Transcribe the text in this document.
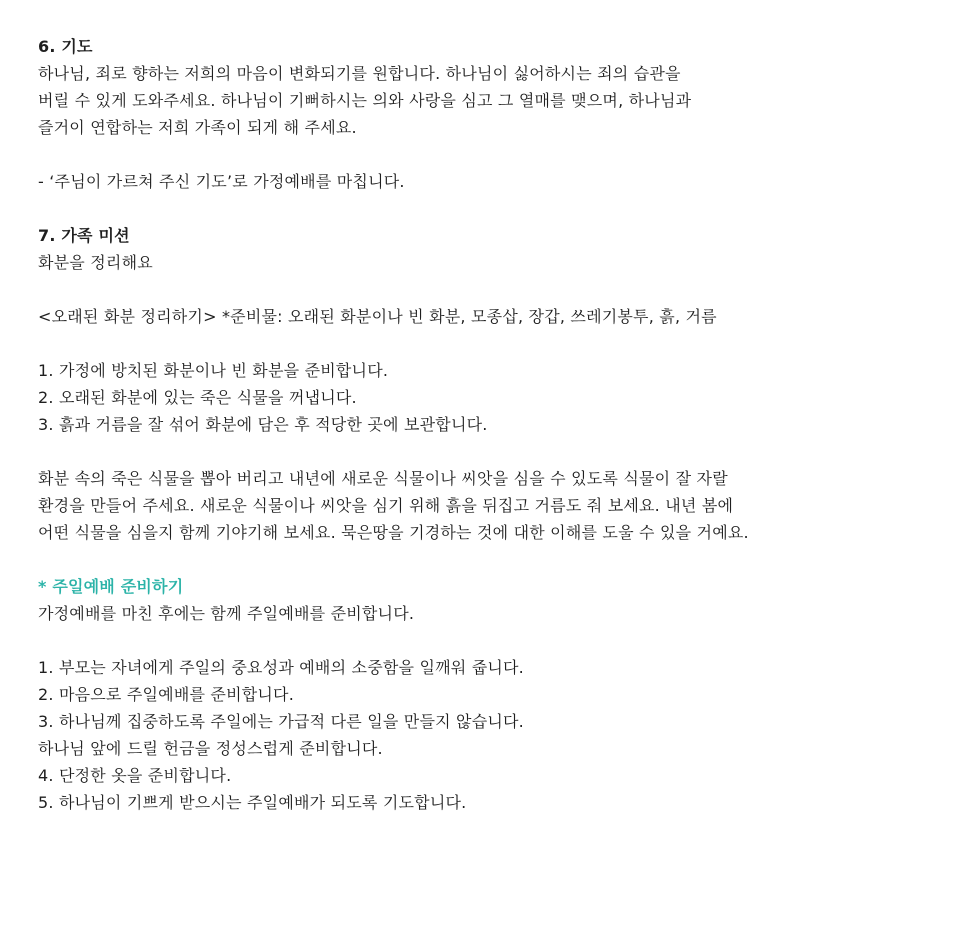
6. 기도
하나님, 죄로 향하는 저희의 마음이 변화되기를 원합니다. 하나님이 싫어하시는 죄의 습관을
버릴 수 있게 도와주세요. 하나님이 기뻐하시는 의와 사랑을 심고 그 열매를 맺으며, 하나님과
즐거이 연합하는 저희 가족이 되게 해 주세요.
- ‘주님이 가르쳐 주신 기도’로 가정예배를 마칩니다.
7. 가족 미션
화분을 정리해요
<오래된 화분 정리하기> *준비물: 오래된 화분이나 빈 화분, 모종삽, 장갑, 쓰레기봉투, 흙, 거름
1. 가정에 방치된 화분이나 빈 화분을 준비합니다.
2. 오래된 화분에 있는 죽은 식물을 꺼냅니다.
3. 흙과 거름을 잘 섞어 화분에 담은 후 적당한 곳에 보관합니다.
화분 속의 죽은 식물을 뽑아 버리고 내년에 새로운 식물이나 씨앗을 심을 수 있도록 식물이 잘 자랄
환경을 만들어 주세요. 새로운 식물이나 씨앗을 심기 위해 흙을 뒤집고 거름도 줘 보세요. 내년 봄에
어떤 식물을 심을지 함께 기야기해 보세요. 묵은땅을 기경하는 것에 대한 이해를 도울 수 있을 거예요.
* 주일예배 준비하기
가정예배를 마친 후에는 함께 주일예배를 준비합니다.
1. 부모는 자녀에게 주일의 중요성과 예배의 소중함을 일깨워 줍니다.
2. 마음으로 주일예배를 준비합니다.
3. 하나님께 집중하도록 주일에는 가급적 다른 일을 만들지 않습니다.
하나님 앞에 드릴 헌금을 정성스럽게 준비합니다.
4. 단정한 옷을 준비합니다.
5. 하나님이 기쁘게 받으시는 주일예배가 되도록 기도합니다.
